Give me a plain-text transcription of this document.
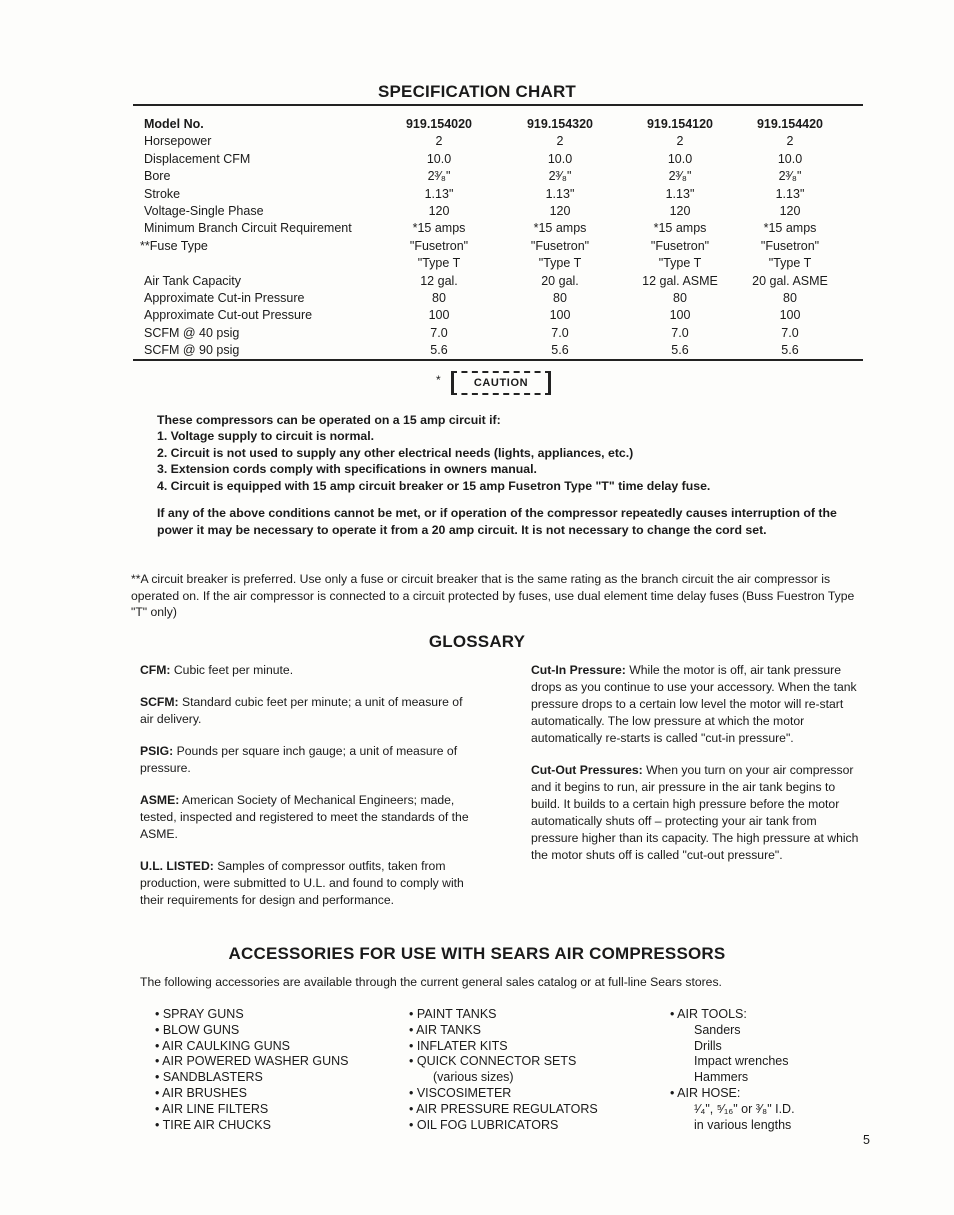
SPECIFICATION CHART
Model No.	919.154020	919.154320	919.154120	919.154420
Horsepower	2	2	2	2
Displacement CFM	10.0	10.0	10.0	10.0
Bore	2³⁄₈"	2³⁄₈"	2³⁄₈"	2³⁄₈"
Stroke	1.13"	1.13"	1.13"	1.13"
Voltage-Single Phase	120	120	120	120
Minimum Branch Circuit Requirement	*15 amps	*15 amps	*15 amps	*15 amps
**Fuse Type	"Fusetron"	"Fusetron"	"Fusetron"	"Fusetron"
	"Type T	"Type T	"Type T	"Type T
Air Tank Capacity	12 gal.	20 gal.	12 gal. ASME	20 gal. ASME
Approximate Cut-in Pressure	80	80	80	80
Approximate Cut-out Pressure	100	100	100	100
SCFM @ 40 psig	7.0	7.0	7.0	7.0
SCFM @ 90 psig	5.6	5.6	5.6	5.6
*	CAUTION

These compressors can be operated on a 15 amp circuit if:

1. Voltage supply to circuit is normal.
2. Circuit is not used to supply any other electrical needs (lights, appliances, etc.)
3. Extension cords comply with specifications in owners manual.
4. Circuit is equipped with 15 amp circuit breaker or 15 amp Fusetron Type "T" time delay fuse.

If any of the above conditions cannot be met, or if operation of the compressor repeatedly causes interruption of the power it may be necessary to operate it from a 20 amp circuit. It is not necessary to change the cord set.

**A circuit breaker is preferred. Use only a fuse or circuit breaker that is the same rating as the branch circuit the air compressor is operated on. If the air compressor is connected to a circuit protected by fuses, use dual element time delay fuses (Buss Fuestron Type "T" only)

GLOSSARY

CFM: Cubic feet per minute.

SCFM: Standard cubic feet per minute; a unit of measure of air delivery.

PSIG: Pounds per square inch gauge; a unit of measure of pressure.

ASME: American Society of Mechanical Engineers; made, tested, inspected and registered to meet the standards of the ASME.

U.L. LISTED: Samples of compressor outfits, taken from production, were submitted to U.L. and found to comply with their requirements for design and performance.

Cut-In Pressure: While the motor is off, air tank pressure drops as you continue to use your accessory. When the tank pressure drops to a certain low level the motor will re-start automatically. The low pressure at which the motor automatically re-starts is called "cut-in pressure".

Cut-Out Pressures: When you turn on your air compressor and it begins to run, air pressure in the air tank begins to build. It builds to a certain high pressure before the motor automatically shuts off – protecting your air tank from pressure higher than its capacity. The high pressure at which the motor shuts off is called "cut-out pressure".

ACCESSORIES FOR USE WITH SEARS AIR COMPRESSORS

The following accessories are available through the current general sales catalog or at full-line Sears stores.

• SPRAY GUNS
• BLOW GUNS
• AIR CAULKING GUNS
• AIR POWERED WASHER GUNS
• SANDBLASTERS
• AIR BRUSHES
• AIR LINE FILTERS
• TIRE AIR CHUCKS
• PAINT TANKS
• AIR TANKS
• INFLATER KITS
• QUICK CONNECTOR SETS
(various sizes)
• VISCOSIMETER
• AIR PRESSURE REGULATORS
• OIL FOG LUBRICATORS
• AIR TOOLS:
Sanders
Drills
Impact wrenches
Hammers
• AIR HOSE:
¹⁄₄", ⁵⁄₁₆" or ³⁄₈" I.D.
in various lengths
5
